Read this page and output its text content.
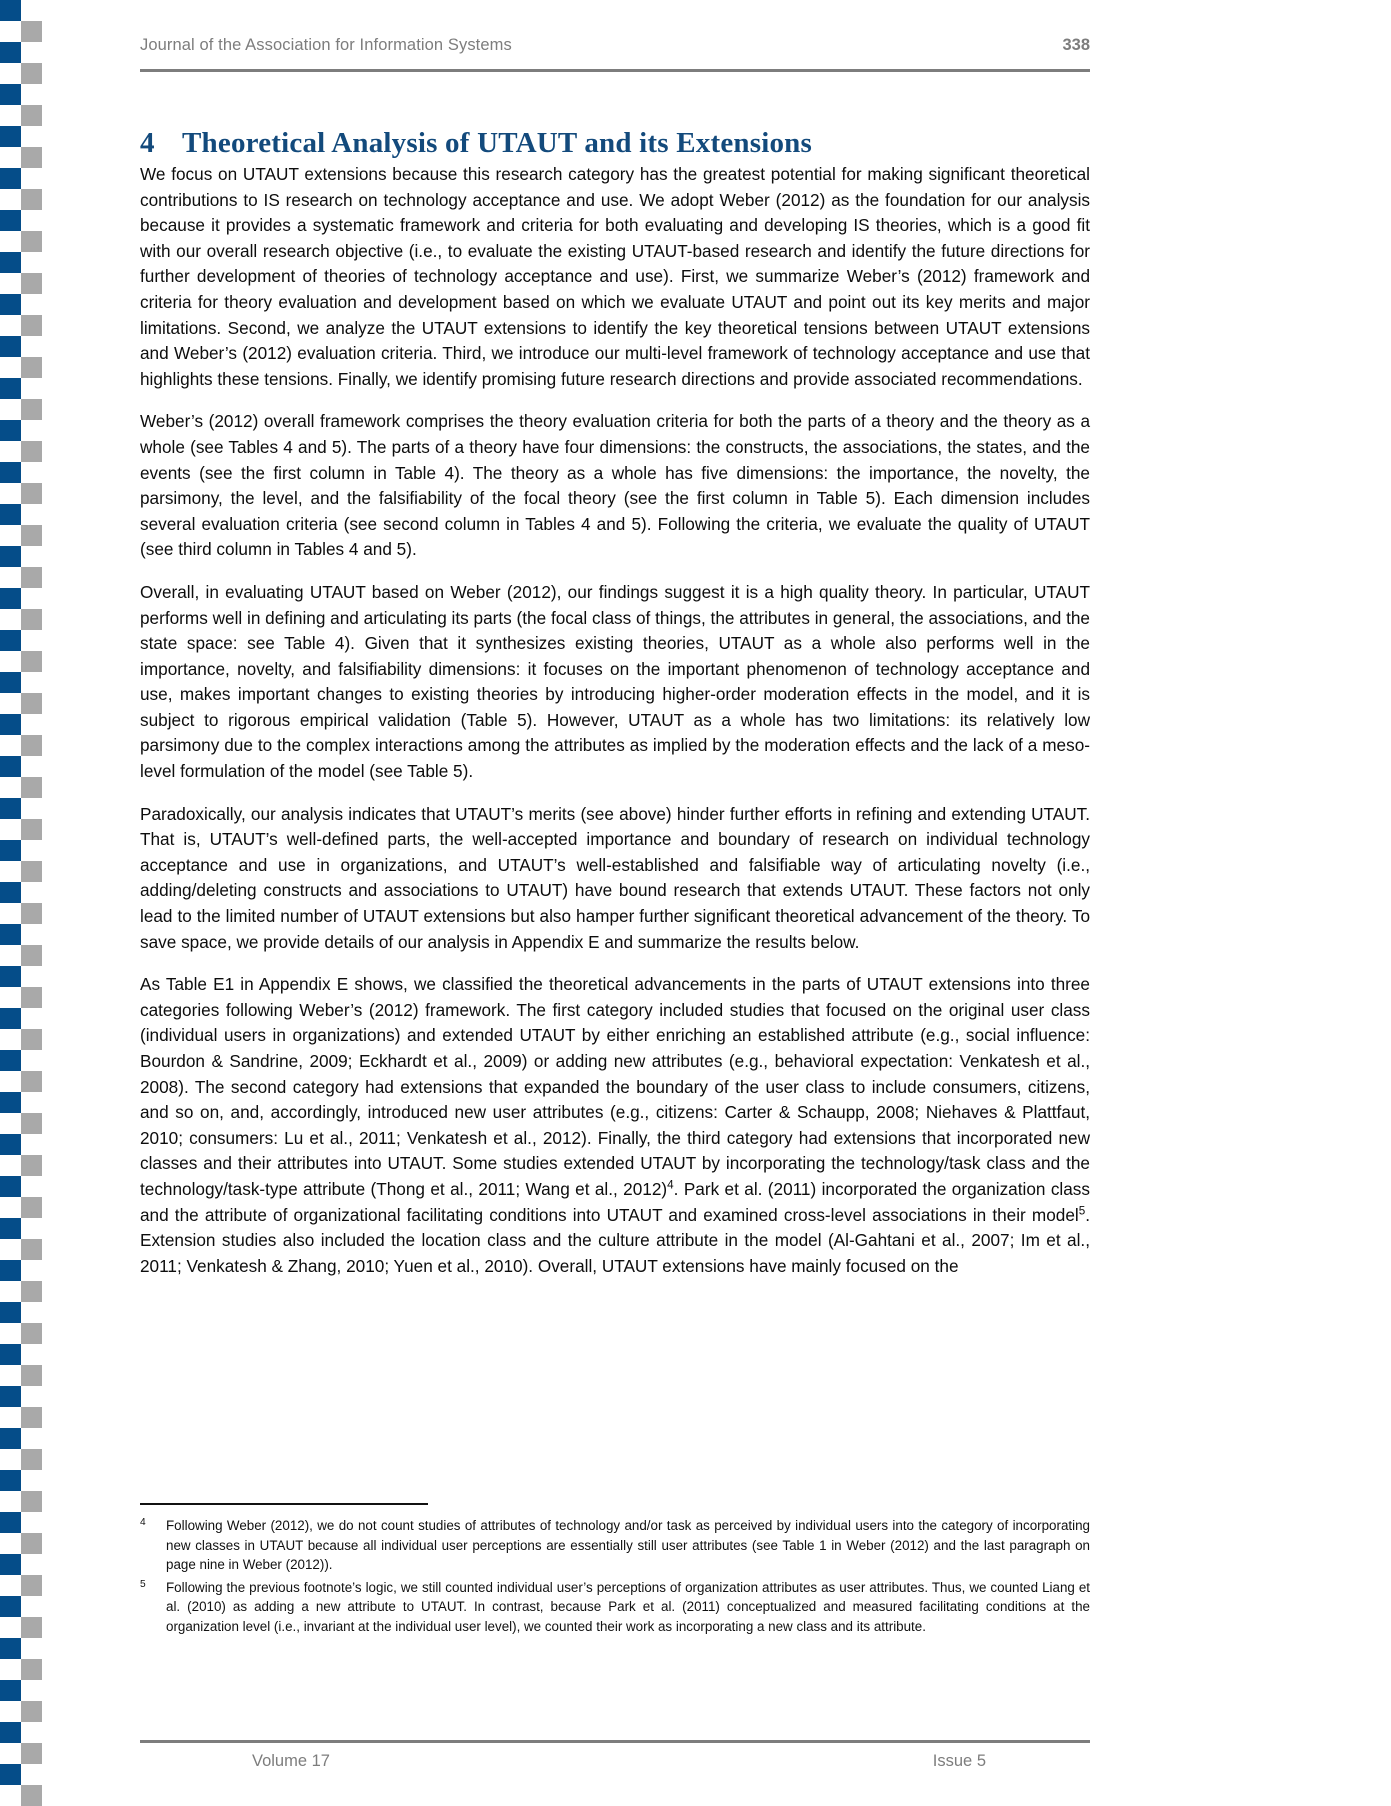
Journal of the Association for Information Systems	338
4 Theoretical Analysis of UTAUT and its Extensions

We focus on UTAUT extensions because this research category has the greatest potential for making significant theoretical contributions to IS research on technology acceptance and use. We adopt Weber (2012) as the foundation for our analysis because it provides a systematic framework and criteria for both evaluating and developing IS theories, which is a good fit with our overall research objective (i.e., to evaluate the existing UTAUT-based research and identify the future directions for further development of theories of technology acceptance and use). First, we summarize Weber’s (2012) framework and criteria for theory evaluation and development based on which we evaluate UTAUT and point out its key merits and major limitations. Second, we analyze the UTAUT extensions to identify the key theoretical tensions between UTAUT extensions and Weber’s (2012) evaluation criteria. Third, we introduce our multi-level framework of technology acceptance and use that highlights these tensions. Finally, we identify promising future research directions and provide associated recommendations.

Weber’s (2012) overall framework comprises the theory evaluation criteria for both the parts of a theory and the theory as a whole (see Tables 4 and 5). The parts of a theory have four dimensions: the constructs, the associations, the states, and the events (see the first column in Table 4). The theory as a whole has five dimensions: the importance, the novelty, the parsimony, the level, and the falsifiability of the focal theory (see the first column in Table 5). Each dimension includes several evaluation criteria (see second column in Tables 4 and 5). Following the criteria, we evaluate the quality of UTAUT (see third column in Tables 4 and 5).

Overall, in evaluating UTAUT based on Weber (2012), our findings suggest it is a high quality theory. In particular, UTAUT performs well in defining and articulating its parts (the focal class of things, the attributes in general, the associations, and the state space: see Table 4). Given that it synthesizes existing theories, UTAUT as a whole also performs well in the importance, novelty, and falsifiability dimensions: it focuses on the important phenomenon of technology acceptance and use, makes important changes to existing theories by introducing higher-order moderation effects in the model, and it is subject to rigorous empirical validation (Table 5). However, UTAUT as a whole has two limitations: its relatively low parsimony due to the complex interactions among the attributes as implied by the moderation effects and the lack of a meso-level formulation of the model (see Table 5).

Paradoxically, our analysis indicates that UTAUT’s merits (see above) hinder further efforts in refining and extending UTAUT. That is, UTAUT’s well-defined parts, the well-accepted importance and boundary of research on individual technology acceptance and use in organizations, and UTAUT’s well-established and falsifiable way of articulating novelty (i.e., adding/deleting constructs and associations to UTAUT) have bound research that extends UTAUT. These factors not only lead to the limited number of UTAUT extensions but also hamper further significant theoretical advancement of the theory. To save space, we provide details of our analysis in Appendix E and summarize the results below.

As Table E1 in Appendix E shows, we classified the theoretical advancements in the parts of UTAUT extensions into three categories following Weber’s (2012) framework. The first category included studies that focused on the original user class (individual users in organizations) and extended UTAUT by either enriching an established attribute (e.g., social influence: Bourdon & Sandrine, 2009; Eckhardt et al., 2009) or adding new attributes (e.g., behavioral expectation: Venkatesh et al., 2008). The second category had extensions that expanded the boundary of the user class to include consumers, citizens, and so on, and, accordingly, introduced new user attributes (e.g., citizens: Carter & Schaupp, 2008; Niehaves & Plattfaut, 2010; consumers: Lu et al., 2011; Venkatesh et al., 2012). Finally, the third category had extensions that incorporated new classes and their attributes into UTAUT. Some studies extended UTAUT by incorporating the technology/task class and the technology/task-type attribute (Thong et al., 2011; Wang et al., 2012)$^4$. Park et al. (2011) incorporated the organization class and the attribute of organizational facilitating conditions into UTAUT and examined cross-level associations in their model$^5$. Extension studies also included the location class and the culture attribute in the model (Al-Gahtani et al., 2007; Im et al., 2011; Venkatesh & Zhang, 2010; Yuen et al., 2010). Overall, UTAUT extensions have mainly focused on the

4 Following Weber (2012), we do not count studies of attributes of technology and/or task as perceived by individual users into the category of incorporating new classes in UTAUT because all individual user perceptions are essentially still user attributes (see Table 1 in Weber (2012) and the last paragraph on page nine in Weber (2012)).
5 Following the previous footnote’s logic, we still counted individual user’s perceptions of organization attributes as user attributes. Thus, we counted Liang et al. (2010) as adding a new attribute to UTAUT. In contrast, because Park et al. (2011) conceptualized and measured facilitating conditions at the organization level (i.e., invariant at the individual user level), we counted their work as incorporating a new class and its attribute.
Volume 17	Issue 5
